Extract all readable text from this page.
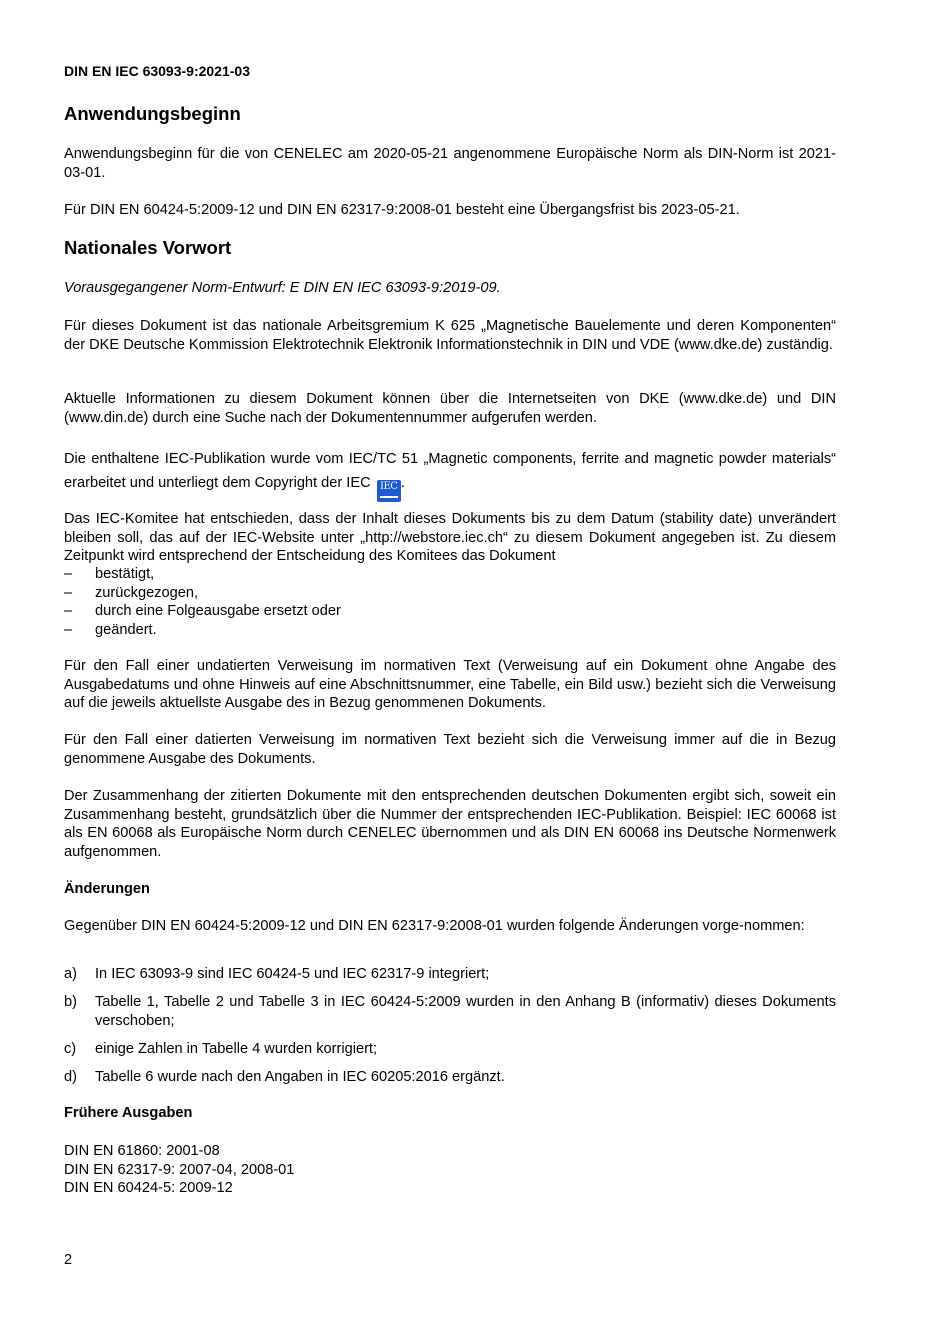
DIN EN IEC 63093-9:2021-03
Anwendungsbeginn
Anwendungsbeginn für die von CENELEC am 2020-05-21 angenommene Europäische Norm als DIN-Norm ist 2021-03-01.
Für DIN EN 60424-5:2009-12 und DIN EN 62317-9:2008-01 besteht eine Übergangsfrist bis 2023-05-21.
Nationales Vorwort
Vorausgegangener Norm-Entwurf: E DIN EN IEC 63093-9:2019-09.
Für dieses Dokument ist das nationale Arbeitsgremium K 625 „Magnetische Bauelemente und deren Komponenten“ der DKE Deutsche Kommission Elektrotechnik Elektronik Informationstechnik in DIN und VDE (www.dke.de) zuständig.
Aktuelle Informationen zu diesem Dokument können über die Internetseiten von DKE (www.dke.de) und DIN (www.din.de) durch eine Suche nach der Dokumentennummer aufgerufen werden.
Die enthaltene IEC-Publikation wurde vom IEC/TC 51 „Magnetic components, ferrite and magnetic powder materials“ erarbeitet und unterliegt dem Copyright der IEC IEC .
Das IEC-Komitee hat entschieden, dass der Inhalt dieses Dokuments bis zu dem Datum (stability date) unverändert bleiben soll, das auf der IEC-Website unter „http://webstore.iec.ch“ zu diesem Dokument angegeben ist. Zu diesem Zeitpunkt wird entsprechend der Entscheidung des Komitees das Dokument
– bestätigt,
– zurückgezogen,
– durch eine Folgeausgabe ersetzt oder
– geändert.
Für den Fall einer undatierten Verweisung im normativen Text (Verweisung auf ein Dokument ohne Angabe des Ausgabedatums und ohne Hinweis auf eine Abschnittsnummer, eine Tabelle, ein Bild usw.) bezieht sich die Verweisung auf die jeweils aktuellste Ausgabe des in Bezug genommenen Dokuments.
Für den Fall einer datierten Verweisung im normativen Text bezieht sich die Verweisung immer auf die in Bezug genommene Ausgabe des Dokuments.
Der Zusammenhang der zitierten Dokumente mit den entsprechenden deutschen Dokumenten ergibt sich, soweit ein Zusammenhang besteht, grundsätzlich über die Nummer der entsprechenden IEC-Publikation. Beispiel: IEC 60068 ist als EN 60068 als Europäische Norm durch CENELEC übernommen und als DIN EN 60068 ins Deutsche Normenwerk aufgenommen.
Änderungen
Gegenüber DIN EN 60424-5:2009-12 und DIN EN 62317-9:2008-01 wurden folgende Änderungen vorge-nommen:
a) In IEC 63093-9 sind IEC 60424-5 und IEC 62317-9 integriert;
b) Tabelle 1, Tabelle 2 und Tabelle 3 in IEC 60424-5:2009 wurden in den Anhang B (informativ) dieses Dokuments verschoben;
c) einige Zahlen in Tabelle 4 wurden korrigiert;
d) Tabelle 6 wurde nach den Angaben in IEC 60205:2016 ergänzt.
Frühere Ausgaben
DIN EN 61860: 2001-08
DIN EN 62317-9: 2007-04, 2008-01
DIN EN 60424-5: 2009-12
2
